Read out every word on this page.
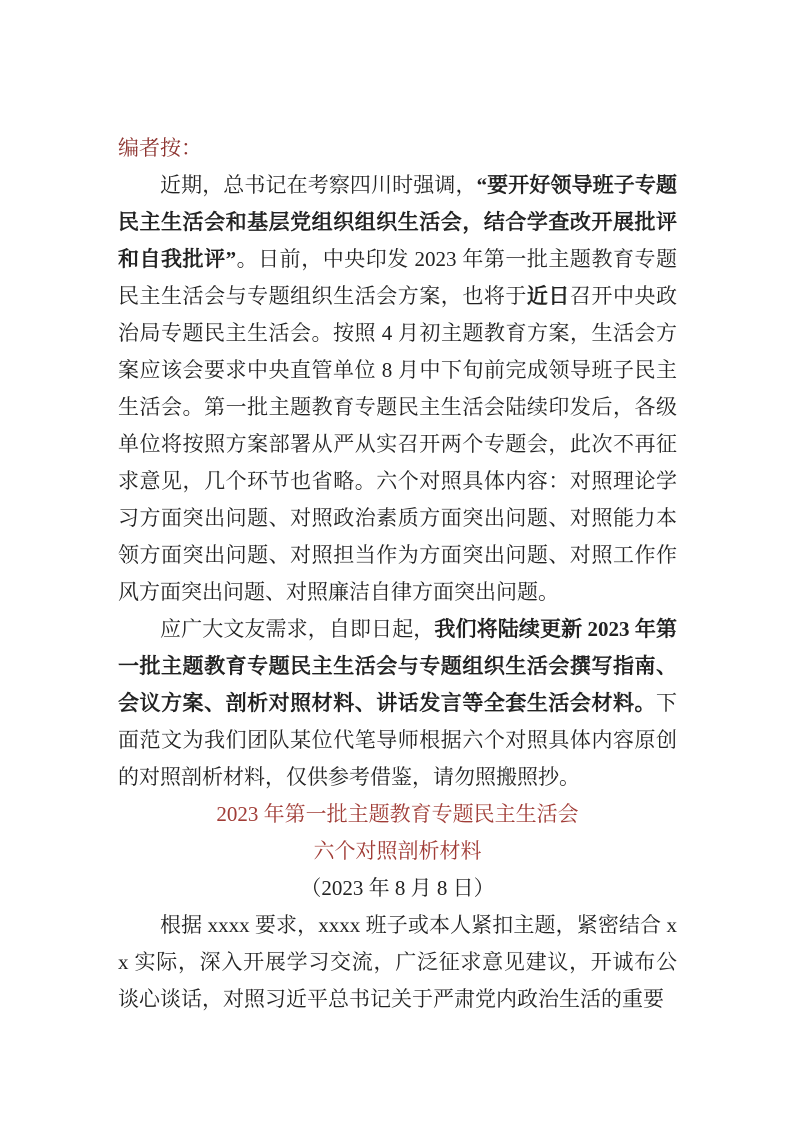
编者按：

近期，总书记在考察四川时强调，“要开好领导班子专题民主生活会和基层党组织组织生活会，结合学查改开展批评和自我批评”。日前，中央印发 2023 年第一批主题教育专题民主生活会与专题组织生活会方案，也将于近日召开中央政治局专题民主生活会。按照 4 月初主题教育方案，生活会方案应该会要求中央直管单位 8 月中下旬前完成领导班子民主生活会。第一批主题教育专题民主生活会陆续印发后，各级单位将按照方案部署从严从实召开两个专题会，此次不再征求意见，几个环节也省略。六个对照具体内容：对照理论学习方面突出问题、对照政治素质方面突出问题、对照能力本领方面突出问题、对照担当作为方面突出问题、对照工作作风方面突出问题、对照廉洁自律方面突出问题。

应广大文友需求，自即日起，我们将陆续更新 2023 年第一批主题教育专题民主生活会与专题组织生活会撰写指南、会议方案、剖析对照材料、讲话发言等全套生活会材料。下面范文为我们团队某位代笔导师根据六个对照具体内容原创的对照剖析材料，仅供参考借鉴，请勿照搬照抄。

2023 年第一批主题教育专题民主生活会

六个对照剖析材料

（2023 年 8 月 8 日）

根据 xxxx 要求，xxxx 班子或本人紧扣主题，紧密结合 xx 实际，深入开展学习交流，广泛征求意见建议，开诚布公谈心谈话，对照习近平总书记关于严肃党内政治生活的重要
